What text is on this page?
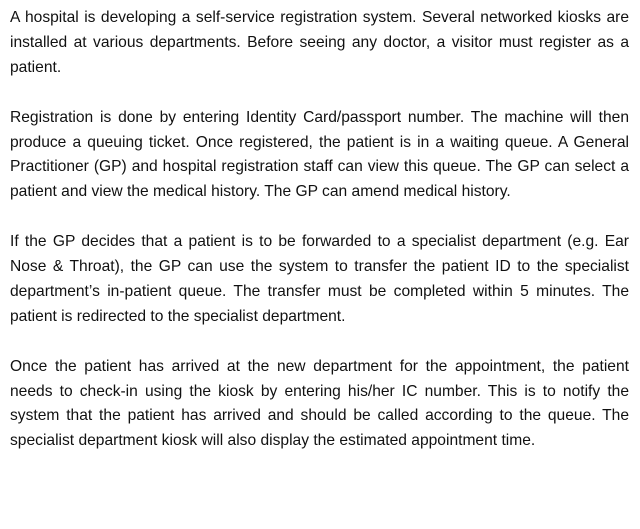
A hospital is developing a self-service registration system. Several networked kiosks are installed at various departments. Before seeing any doctor, a visitor must register as a patient.

Registration is done by entering Identity Card/passport number. The machine will then produce a queuing ticket. Once registered, the patient is in a waiting queue. A General Practitioner (GP) and hospital registration staff can view this queue. The GP can select a patient and view the medical history. The GP can amend medical history.

If the GP decides that a patient is to be forwarded to a specialist department (e.g. Ear Nose & Throat), the GP can use the system to transfer the patient ID to the specialist department’s in-patient queue. The transfer must be completed within 5 minutes. The patient is redirected to the specialist department.

Once the patient has arrived at the new department for the appointment, the patient needs to check-in using the kiosk by entering his/her IC number. This is to notify the system that the patient has arrived and should be called according to the queue. The specialist department kiosk will also display the estimated appointment time.
